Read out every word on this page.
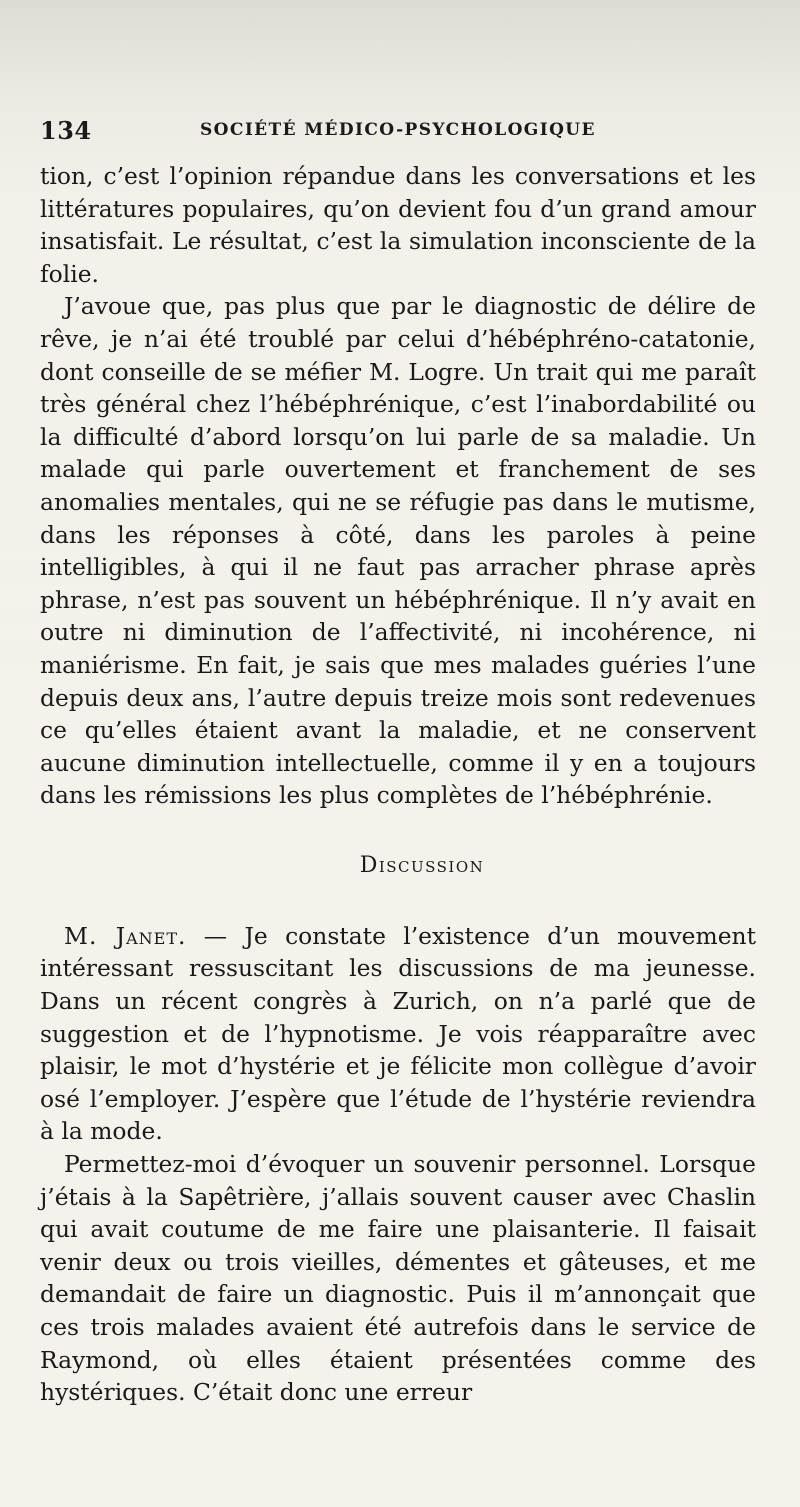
134	SOCIÉTÉ MÉDICO-PSYCHOLOGIQUE

tion, c’est l’opinion répandue dans les conversations et les littératures populaires, qu’on devient fou d’un grand amour insatisfait. Le résultat, c’est la simulation inconsciente de la folie.

J’avoue que, pas plus que par le diagnostic de délire de rêve, je n’ai été troublé par celui d’hébéphréno-catatonie, dont conseille de se méfier M. Logre. Un trait qui me paraît très général chez l’hébéphrénique, c’est l’inabordabilité ou la difficulté d’abord lorsqu’on lui parle de sa maladie. Un malade qui parle ouvertement et franchement de ses anomalies mentales, qui ne se réfugie pas dans le mutisme, dans les réponses à côté, dans les paroles à peine intelligibles, à qui il ne faut pas arracher phrase après phrase, n’est pas souvent un hébéphrénique. Il n’y avait en outre ni diminution de l’affectivité, ni incohérence, ni maniérisme. En fait, je sais que mes malades guéries l’une depuis deux ans, l’autre depuis treize mois sont redevenues ce qu’elles étaient avant la maladie, et ne conservent aucune diminution intellectuelle, comme il y en a toujours dans les rémissions les plus complètes de l’hébéphrénie.

Discussion

M. Janet. — Je constate l’existence d’un mouvement intéressant ressuscitant les discussions de ma jeunesse. Dans un récent congrès à Zurich, on n’a parlé que de suggestion et de l’hypnotisme. Je vois réapparaître avec plaisir, le mot d’hystérie et je félicite mon collègue d’avoir osé l’employer. J’espère que l’étude de l’hystérie reviendra à la mode.

Permettez-moi d’évoquer un souvenir personnel. Lorsque j’étais à la Sapêtrière, j’allais souvent causer avec Chaslin qui avait coutume de me faire une plaisanterie. Il faisait venir deux ou trois vieilles, démentes et gâteuses, et me demandait de faire un diagnostic. Puis il m’annonçait que ces trois malades avaient été autrefois dans le service de Raymond, où elles étaient présentées comme des hystériques. C’était donc une erreur
